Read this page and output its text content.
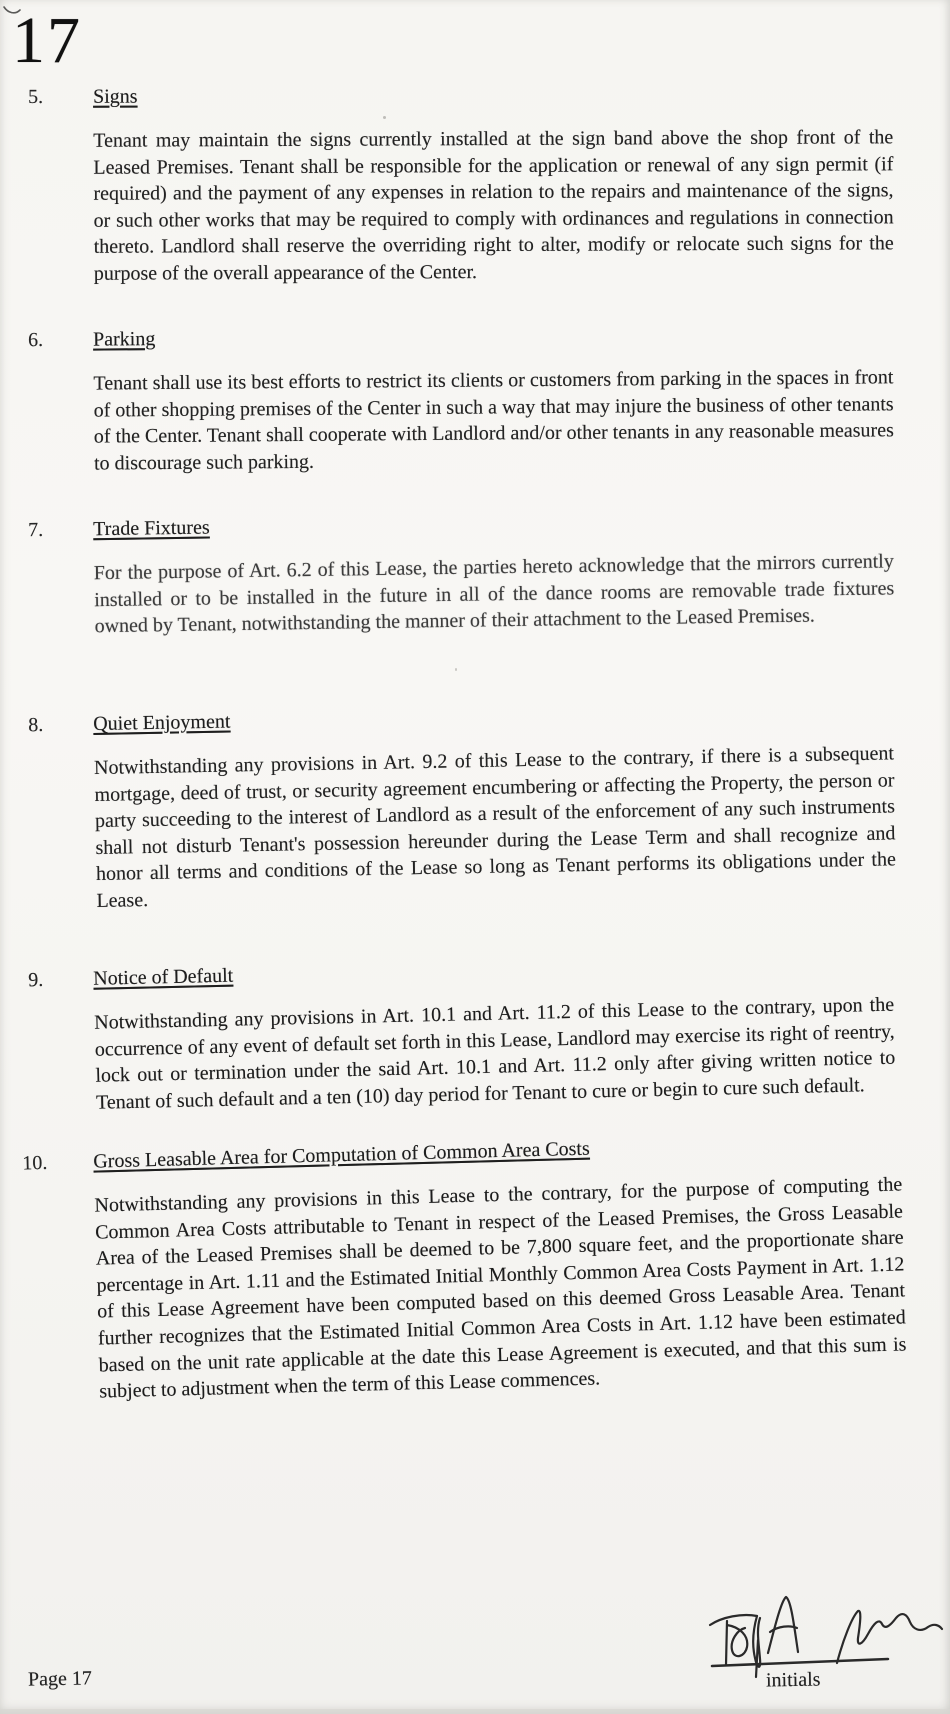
17
5. Signs

Tenant may maintain the signs currently installed at the sign band above the shop front of the Leased Premises. Tenant shall be responsible for the application or renewal of any sign permit (if required) and the payment of any expenses in relation to the repairs and maintenance of the signs, or such other works that may be required to comply with ordinances and regulations in connection thereto. Landlord shall reserve the overriding right to alter, modify or relocate such signs for the purpose of the overall appearance of the Center.

6. Parking

Tenant shall use its best efforts to restrict its clients or customers from parking in the spaces in front of other shopping premises of the Center in such a way that may injure the business of other tenants of the Center. Tenant shall cooperate with Landlord and/or other tenants in any reasonable measures to discourage such parking.

7. Trade Fixtures

For the purpose of Art. 6.2 of this Lease, the parties hereto acknowledge that the mirrors currently installed or to be installed in the future in all of the dance rooms are removable trade fixtures owned by Tenant, notwithstanding the manner of their attachment to the Leased Premises.

8. Quiet Enjoyment

Notwithstanding any provisions in Art. 9.2 of this Lease to the contrary, if there is a subsequent mortgage, deed of trust, or security agreement encumbering or affecting the Property, the person or party succeeding to the interest of Landlord as a result of the enforcement of any such instruments shall not disturb Tenant's possession hereunder during the Lease Term and shall recognize and honor all terms and conditions of the Lease so long as Tenant performs its obligations under the Lease.

9. Notice of Default

Notwithstanding any provisions in Art. 10.1 and Art. 11.2 of this Lease to the contrary, upon the occurrence of any event of default set forth in this Lease, Landlord may exercise its right of reentry, lock out or termination under the said Art. 10.1 and Art. 11.2 only after giving written notice to Tenant of such default and a ten (10) day period for Tenant to cure or begin to cure such default.

10. Gross Leasable Area for Computation of Common Area Costs

Notwithstanding any provisions in this Lease to the contrary, for the purpose of computing the Common Area Costs attributable to Tenant in respect of the Leased Premises, the Gross Leasable Area of the Leased Premises shall be deemed to be 7,800 square feet, and the proportionate share percentage in Art. 1.11 and the Estimated Initial Monthly Common Area Costs Payment in Art. 1.12 of this Lease Agreement have been computed based on this deemed Gross Leasable Area. Tenant further recognizes that the Estimated Initial Common Area Costs in Art. 1.12 have been estimated based on the unit rate applicable at the date this Lease Agreement is executed, and that this sum is subject to adjustment when the term of this Lease commences.

initials
Page 17
